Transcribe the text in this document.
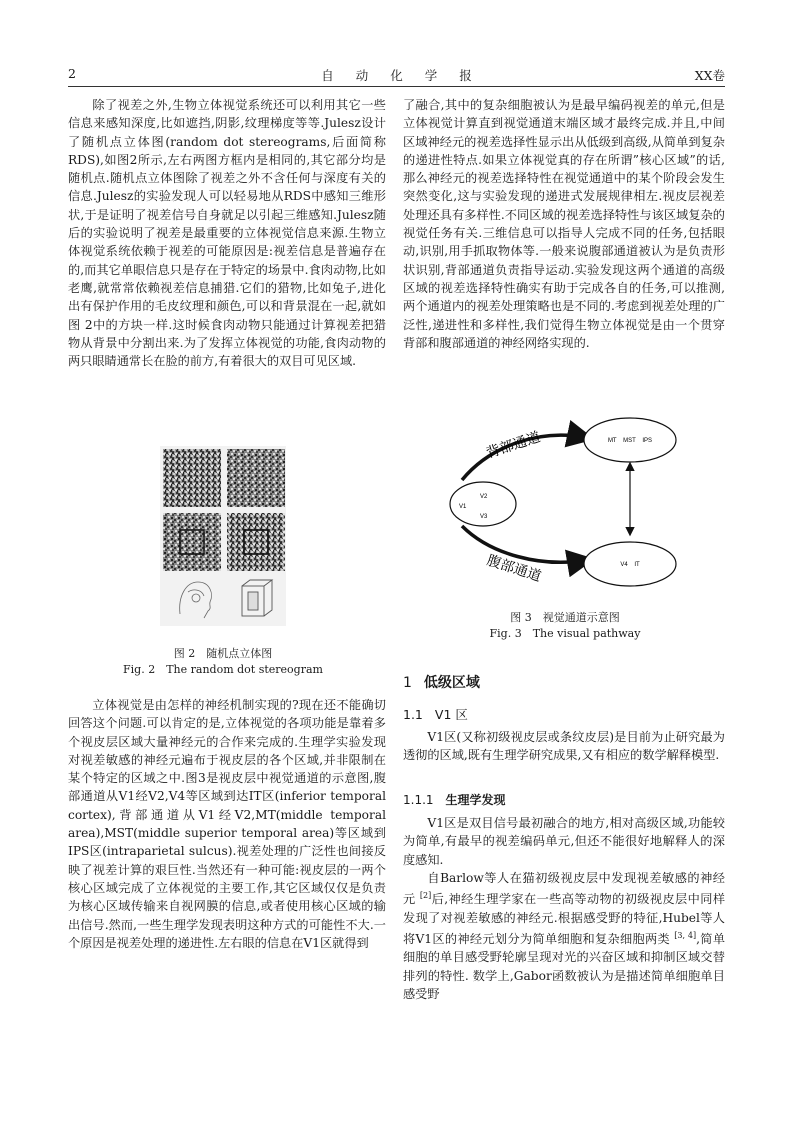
2	自动化学报	XX卷

除了视差之外,生物立体视觉系统还可以利用其它一些信息来感知深度,比如遮挡,阴影,纹理梯度等等.Julesz设计了随机点立体图(random dot stereograms,后面简称RDS),如图2所示,左右两图方框内是相同的,其它部分均是随机点.随机点立体图除了视差之外不含任何与深度有关的信息.Julesz的实验发现人可以轻易地从RDS中感知三维形状,于是证明了视差信号自身就足以引起三维感知.Julesz随后的实验说明了视差是最重要的立体视觉信息来源.生物立体视觉系统依赖于视差的可能原因是:视差信息是普遍存在的,而其它单眼信息只是存在于特定的场景中.食肉动物,比如老鹰,就常常依赖视差信息捕猎.它们的猎物,比如兔子,进化出有保护作用的毛皮纹理和颜色,可以和背景混在一起,就如图 2中的方块一样.这时候食肉动物只能通过计算视差把猎物从背景中分割出来.为了发挥立体视觉的功能,食肉动物的两只眼睛通常长在脸的前方,有着很大的双目可见区域.

图 2　随机点立体图
Fig. 2　The random dot stereogram

立体视觉是由怎样的神经机制实现的?现在还不能确切回答这个问题.可以肯定的是,立体视觉的各项功能是靠着多个视皮层区域大量神经元的合作来完成的.生理学实验发现对视差敏感的神经元遍布于视皮层的各个区域,并非限制在某个特定的区域之中.图3是视皮层中视觉通道的示意图,腹部通道从V1经V2,V4等区域到达IT区(inferior temporal cortex),背部通道从V1经V2,MT(middle temporal area),MST(middle superior temporal area)等区域到IPS区(intraparietal sulcus).视差处理的广泛性也间接反映了视差计算的艰巨性.当然还有一种可能:视皮层的一两个核心区域完成了立体视觉的主要工作,其它区域仅仅是负责为核心区域传输来自视网膜的信息,或者使用核心区域的输出信号.然而,一些生理学发现表明这种方式的可能性不大.一个原因是视差处理的递进性.左右眼的信息在V1区就得到

了融合,其中的复杂细胞被认为是最早编码视差的单元,但是立体视觉计算直到视觉通道末端区域才最终完成.并且,中间区域神经元的视差选择性显示出从低级到高级,从简单到复杂的递进性特点.如果立体视觉真的存在所谓”核心区域”的话,那么神经元的视差选择特性在视觉通道中的某个阶段会发生突然变化,这与实验发现的递进式发展规律相左.视皮层视差处理还具有多样性.不同区域的视差选择特性与该区域复杂的视觉任务有关.三维信息可以指导人完成不同的任务,包括眼动,识别,用手抓取物体等.一般来说腹部通道被认为是负责形状识别,背部通道负责指导运动.实验发现这两个通道的高级区域的视差选择特性确实有助于完成各自的任务,可以推测,两个通道内的视差处理策略也是不同的.考虑到视差处理的广泛性,递进性和多样性,我们觉得生物立体视觉是由一个贯穿背部和腹部通道的神经网络实现的.

V1
V2
V3
MT    MST    IPS
V4    IT
背部通道
腹部通道
图 3　视觉通道示意图
Fig. 3　The visual pathway
1 低级区域
1.1 V1 区

V1区(又称初级视皮层或条纹皮层)是目前为止研究最为透彻的区域,既有生理学研究成果,又有相应的数学解释模型.

1.1.1 生理学发现

V1区是双目信号最初融合的地方,相对高级区域,功能较为简单,有最早的视差编码单元,但还不能很好地解释人的深度感知.

自Barlow等人在猫初级视皮层中发现视差敏感的神经元 [2]后,神经生理学家在一些高等动物的初级视皮层中同样发现了对视差敏感的神经元.根据感受野的特征,Hubel等人将V1区的神经元划分为简单细胞和复杂细胞两类 [3, 4],简单细胞的单目感受野轮廓呈现对光的兴奋区域和抑制区域交替排列的特性. 数学上,Gabor函数被认为是描述简单细胞单目感受野
